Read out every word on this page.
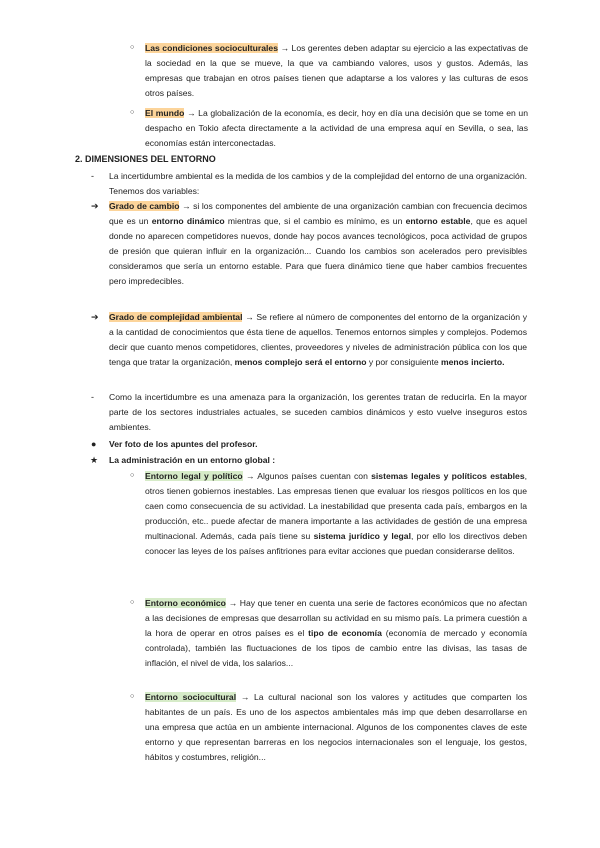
○ Las condiciones socioculturales → Los gerentes deben adaptar su ejercicio a las expectativas de la sociedad en la que se mueve, la que va cambiando valores, usos y gustos. Además, las empresas que trabajan en otros países tienen que adaptarse a los valores y las culturas de esos otros países.

○ El mundo → La globalización de la economía, es decir, hoy en día una decisión que se tome en un despacho en Tokio afecta directamente a la actividad de una empresa aquí en Sevilla, o sea, las economías están interconectadas.

2. DIMENSIONES DEL ENTORNO
- La incertidumbre ambiental es la medida de los cambios y de la complejidad del entorno de una organización. Tenemos dos variables:

➔ Grado de cambio → si los componentes del ambiente de una organización cambian con frecuencia decimos que es un entorno dinámico mientras que, si el cambio es mínimo, es un entorno estable, que es aquel donde no aparecen competidores nuevos, donde hay pocos avances tecnológicos, poca actividad de grupos de presión que quieran influir en la organización... Cuando los cambios son acelerados pero previsibles consideramos que sería un entorno estable. Para que fuera dinámico tiene que haber cambios frecuentes pero impredecibles.

➔ Grado de complejidad ambiental → Se refiere al número de componentes del entorno de la organización y a la cantidad de conocimientos que ésta tiene de aquellos. Tenemos entornos simples y complejos. Podemos decir que cuanto menos competidores, clientes, proveedores y niveles de administración pública con los que tenga que tratar la organización, menos complejo será el entorno y por consiguiente menos incierto.

- Como la incertidumbre es una amenaza para la organización, los gerentes tratan de reducirla. En la mayor parte de los sectores industriales actuales, se suceden cambios dinámicos y esto vuelve inseguros estos ambientes.

● Ver foto de los apuntes del profesor.

★ La administración en un entorno global :

○ Entorno legal y político → Algunos países cuentan con sistemas legales y políticos estables, otros tienen gobiernos inestables. Las empresas tienen que evaluar los riesgos políticos en los que caen como consecuencia de su actividad. La inestabilidad que presenta cada país, embargos en la producción, etc.. puede afectar de manera importante a las actividades de gestión de una empresa multinacional. Además, cada país tiene su sistema jurídico y legal, por ello los directivos deben conocer las leyes de los países anfitriones para evitar acciones que puedan considerarse delitos.

○ Entorno económico → Hay que tener en cuenta una serie de factores económicos que no afectan a las decisiones de empresas que desarrollan su actividad en su mismo país. La primera cuestión a la hora de operar en otros países es el tipo de economía (economía de mercado y economía controlada), también las fluctuaciones de los tipos de cambio entre las divisas, las tasas de inflación, el nivel de vida, los salarios...

○ Entorno sociocultural → La cultural nacional son los valores y actitudes que comparten los habitantes de un país. Es uno de los aspectos ambientales más imp que deben desarrollarse en una empresa que actúa en un ambiente internacional. Algunos de los componentes claves de este entorno y que representan barreras en los negocios internacionales son el lenguaje, los gestos, hábitos y costumbres, religión...
